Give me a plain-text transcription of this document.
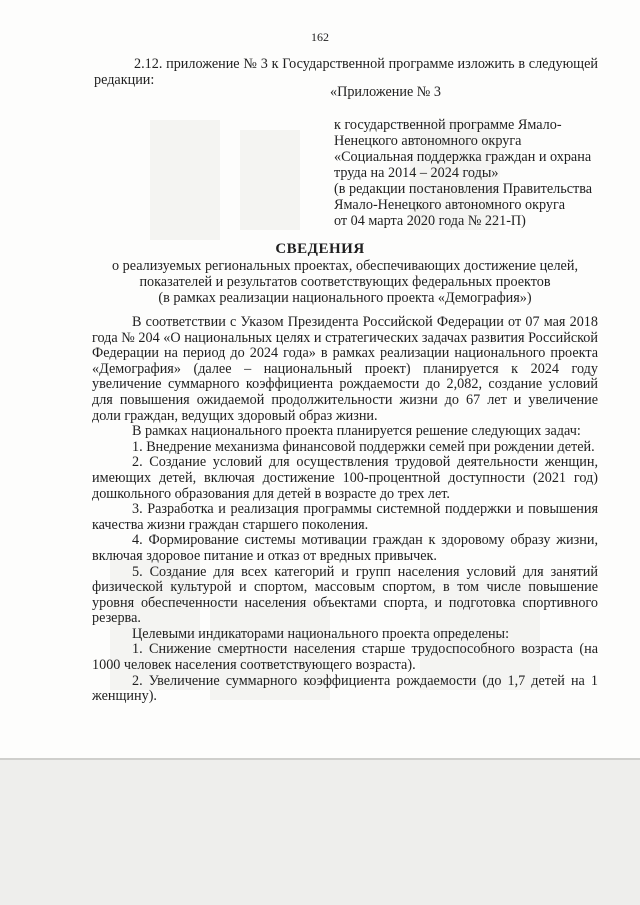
162
2.12. приложение № 3 к Государственной программе изложить в следующей редакции:
«Приложение № 3
к государственной программе Ямало-
Ненецкого автономного округа
«Социальная поддержка граждан и охрана
труда на 2014 – 2024 годы»
(в редакции постановления Правительства
Ямало-Ненецкого автономного округа
от 04 марта 2020 года № 221-П)
СВЕДЕНИЯ
о реализуемых региональных проектах, обеспечивающих достижение целей,
показателей и результатов соответствующих федеральных проектов
(в рамках реализации национального проекта «Демография»)

В соответствии с Указом Президента Российской Федерации от 07 мая 2018 года № 204 «О национальных целях и стратегических задачах развития Российской Федерации на период до 2024 года» в рамках реализации национального проекта «Демография» (далее – национальный проект) планируется к 2024 году увеличение суммарного коэффициента рождаемости до 2,082, создание условий для повышения ожидаемой продолжительности жизни до 67 лет и увеличение доли граждан, ведущих здоровый образ жизни.

В рамках национального проекта планируется решение следующих задач:

1. Внедрение механизма финансовой поддержки семей при рождении детей.

2. Создание условий для осуществления трудовой деятельности женщин, имеющих детей, включая достижение 100-процентной доступности (2021 год) дошкольного образования для детей в возрасте до трех лет.

3. Разработка и реализация программы системной поддержки и повышения качества жизни граждан старшего поколения.

4. Формирование системы мотивации граждан к здоровому образу жизни, включая здоровое питание и отказ от вредных привычек.

5. Создание для всех категорий и групп населения условий для занятий физической культурой и спортом, массовым спортом, в том числе повышение уровня обеспеченности населения объектами спорта, и подготовка спортивного резерва.

Целевыми индикаторами национального проекта определены:

1. Снижение смертности населения старше трудоспособного возраста (на 1000 человек населения соответствующего возраста).

2. Увеличение суммарного коэффициента рождаемости (до 1,7 детей на 1 женщину).
